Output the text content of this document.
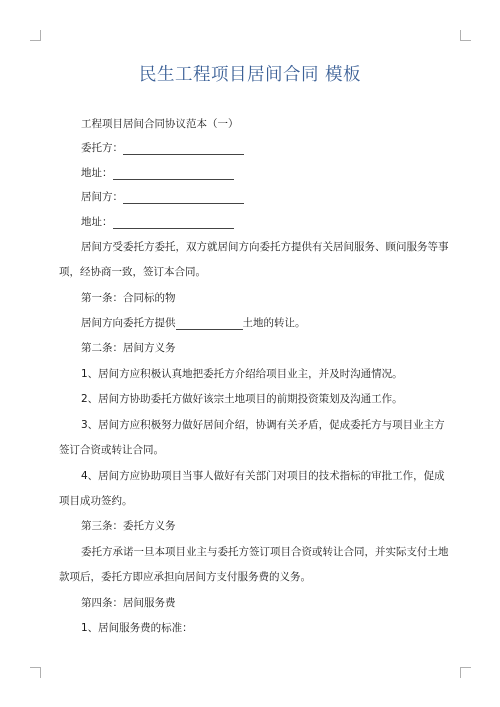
民生工程项目居间合同 模板
工程项目居间合同协议范本（一）
委托方：
地址：
居间方：
地址：
居间方受委托方委托，双方就居间方向委托方提供有关居间服务、顾问服务等事
项，经协商一致，签订本合同。
第一条：合同标的物
居间方向委托方提供	土地的转让。
第二条：居间方义务
1、居间方应积极认真地把委托方介绍给项目业主，并及时沟通情况。
2、居间方协助委托方做好该宗土地项目的前期投资策划及沟通工作。
3、居间方应积极努力做好居间介绍，协调有关矛盾，促成委托方与项目业主方
签订合资或转让合同。
4、居间方应协助项目当事人做好有关部门对项目的技术指标的审批工作，促成
项目成功签约。
第三条：委托方义务
委托方承诺一旦本项目业主与委托方签订项目合资或转让合同，并实际支付土地
款项后，委托方即应承担向居间方支付服务费的义务。
第四条：居间服务费
1、居间服务费的标准：
